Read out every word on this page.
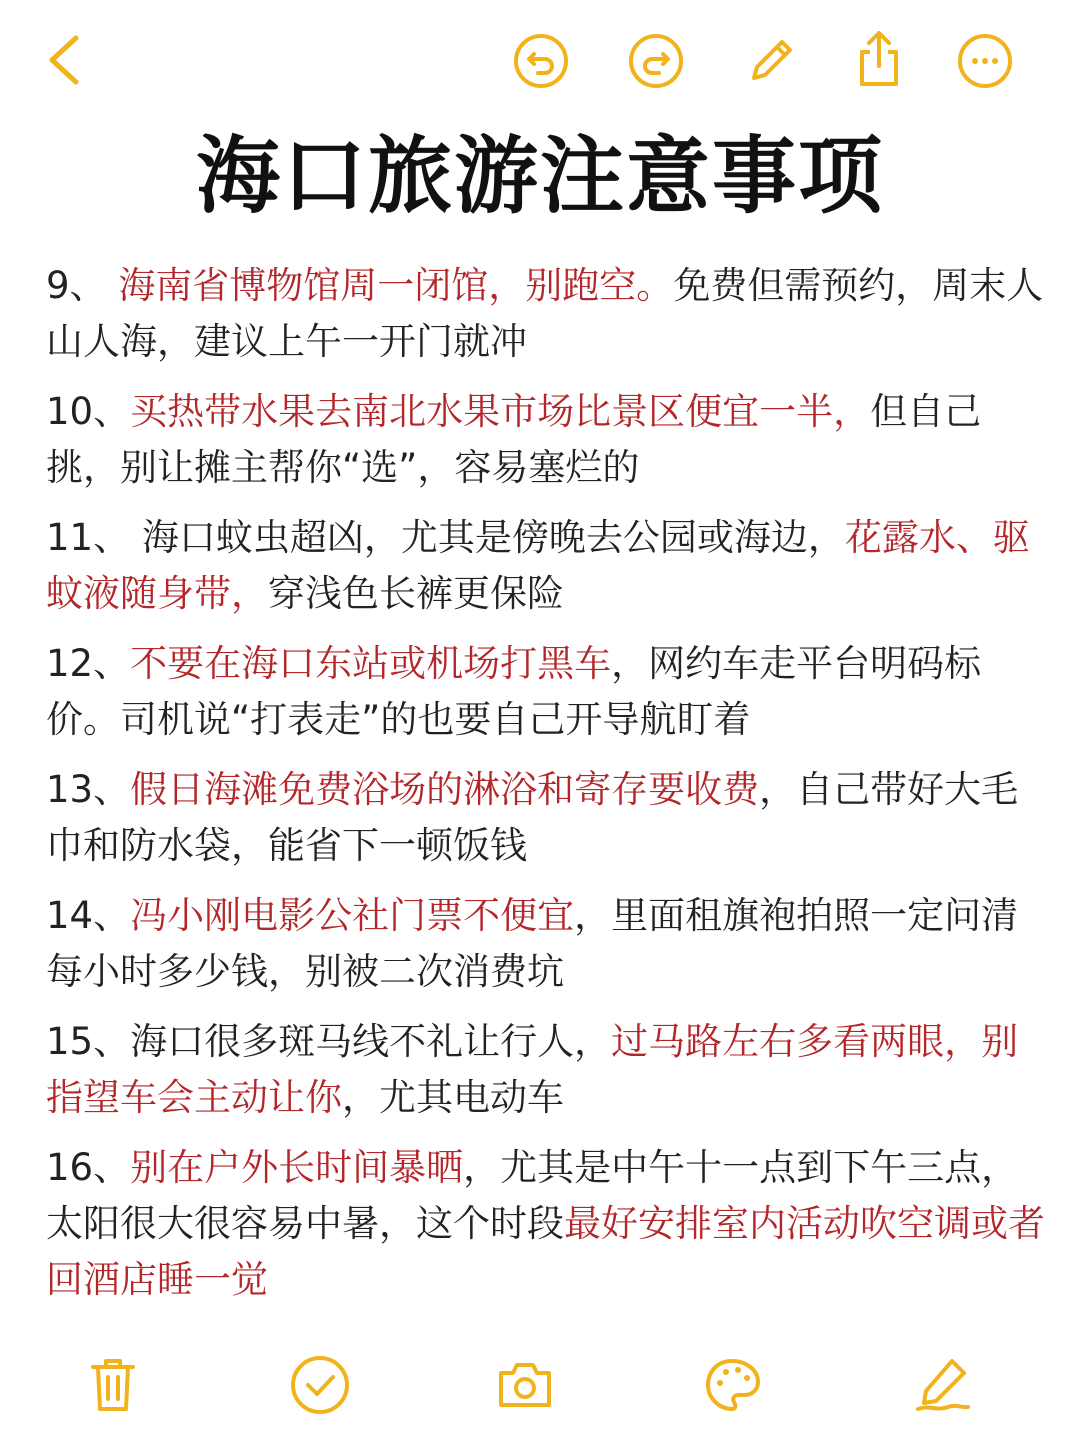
海口旅游注意事项

9、 海南省博物馆周一闭馆，别跑空。免费但需预约，周末人山人海，建议上午一开门就冲

10、买热带水果去南北水果市场比景区便宜一半，但自己挑，别让摊主帮你“选”，容易塞烂的

11、 海口蚊虫超凶，尤其是傍晚去公园或海边，花露水、驱蚊液随身带，穿浅色长裤更保险

12、不要在海口东站或机场打黑车，网约车走平台明码标价。司机说“打表走”的也要自己开导航盯着

13、假日海滩免费浴场的淋浴和寄存要收费，自己带好大毛巾和防水袋，能省下一顿饭钱

14、冯小刚电影公社门票不便宜，里面租旗袍拍照一定问清每小时多少钱，别被二次消费坑

15、海口很多斑马线不礼让行人，过马路左右多看两眼，别指望车会主动让你，尤其电动车

16、别在户外长时间暴晒，尤其是中午十一点到下午三点，太阳很大很容易中暑，这个时段最好安排室内活动吹空调或者回酒店睡一觉
